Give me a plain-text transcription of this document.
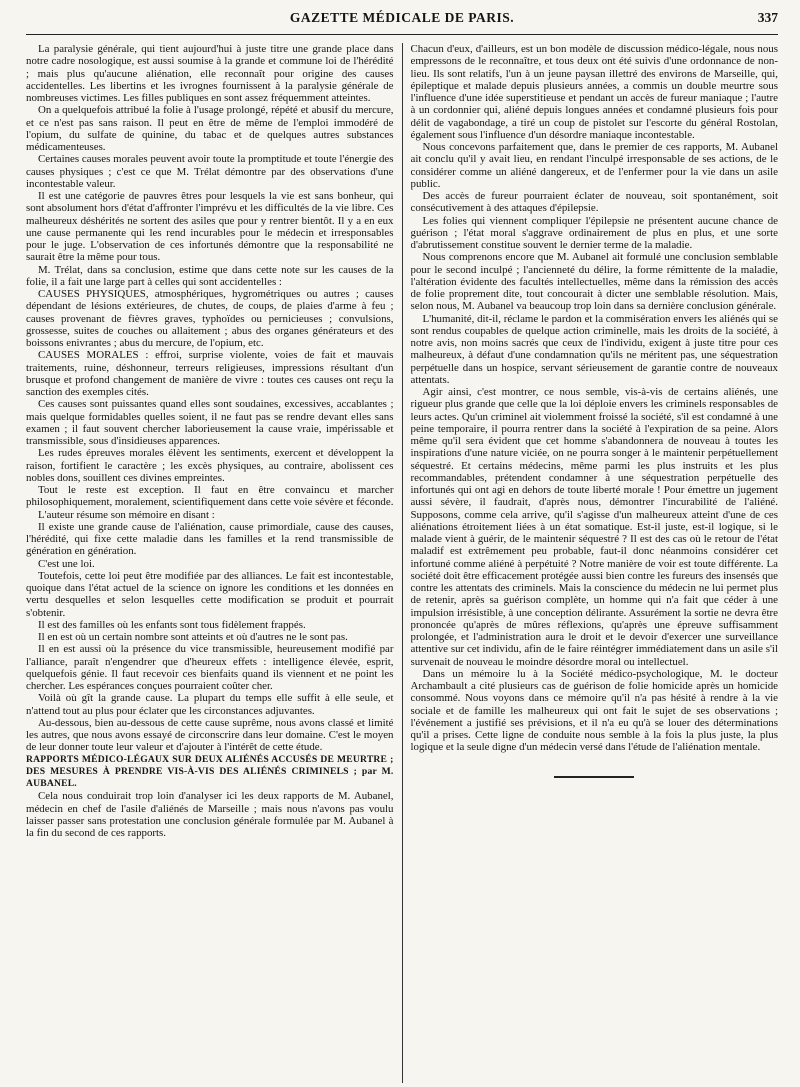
GAZETTE MÉDICALE DE PARIS.	337

La paralysie générale, qui tient aujourd'hui à juste titre une grande place dans notre cadre nosologique, est aussi soumise à la grande et commune loi de l'hérédité ; mais plus qu'aucune aliénation, elle reconnaît pour origine des causes accidentelles. Les libertins et les ivrognes fournissent à la paralysie générale de nombreuses victimes. Les filles publiques en sont assez fréquemment atteintes.

On a quelquefois attribué la folie à l'usage prolongé, répété et abusif du mercure, et ce n'est pas sans raison. Il peut en être de même de l'emploi immodéré de l'opium, du sulfate de quinine, du tabac et de quelques autres substances médicamenteuses.

Certaines causes morales peuvent avoir toute la promptitude et toute l'énergie des causes physiques ; c'est ce que M. Trélat démontre par des observations d'une incontestable valeur.

Il est une catégorie de pauvres êtres pour lesquels la vie est sans bonheur, qui sont absolument hors d'état d'affronter l'imprévu et les difficultés de la vie libre. Ces malheureux déshérités ne sortent des asiles que pour y rentrer bientôt. Il y a en eux une cause permanente qui les rend incurables pour le médecin et irresponsables pour le juge. L'observation de ces infortunés démontre que la responsabilité ne saurait être la même pour tous.

M. Trélat, dans sa conclusion, estime que dans cette note sur les causes de la folie, il a fait une large part à celles qui sont accidentelles :

CAUSES PHYSIQUES, atmosphériques, hygrométriques ou autres ; causes dépendant de lésions extérieures, de chutes, de coups, de plaies d'arme à feu ; causes provenant de fièvres graves, typhoïdes ou pernicieuses ; convulsions, grossesse, suites de couches ou allaitement ; abus des organes générateurs et des boissons enivrantes ; abus du mercure, de l'opium, etc.

CAUSES MORALES : effroi, surprise violente, voies de fait et mauvais traitements, ruine, déshonneur, terreurs religieuses, impressions résultant d'un brusque et profond changement de manière de vivre : toutes ces causes ont reçu la sanction des exemples cités.

Ces causes sont puissantes quand elles sont soudaines, excessives, accablantes ; mais quelque formidables quelles soient, il ne faut pas se rendre devant elles sans examen ; il faut souvent chercher laborieusement la cause vraie, impérissable et transmissible, sous d'insidieuses apparences.

Les rudes épreuves morales élèvent les sentiments, exercent et développent la raison, fortifient le caractère ; les excès physiques, au contraire, abolissent ces nobles dons, souillent ces divines empreintes.

Tout le reste est exception. Il faut en être convaincu et marcher philosophiquement, moralement, scientifiquement dans cette voie sévère et féconde.

L'auteur résume son mémoire en disant :

Il existe une grande cause de l'aliénation, cause primordiale, cause des causes, l'hérédité, qui fixe cette maladie dans les familles et la rend transmissible de génération en génération.

C'est une loi.

Toutefois, cette loi peut être modifiée par des alliances. Le fait est incontestable, quoique dans l'état actuel de la science on ignore les conditions et les données en vertu desquelles et selon lesquelles cette modification se produit et pourrait s'obtenir.

Il est des familles où les enfants sont tous fidèlement frappés.

Il en est où un certain nombre sont atteints et où d'autres ne le sont pas.

Il en est aussi où la présence du vice transmissible, heureusement modifié par l'alliance, paraît n'engendrer que d'heureux effets : intelligence élevée, esprit, quelquefois génie. Il faut recevoir ces bienfaits quand ils viennent et ne point les chercher. Les espérances conçues pourraient coûter cher.

Voilà où gît la grande cause. La plupart du temps elle suffit à elle seule, et n'attend tout au plus pour éclater que les circonstances adjuvantes.

Au-dessous, bien au-dessous de cette cause suprême, nous avons classé et limité les autres, que nous avons essayé de circonscrire dans leur domaine. C'est le moyen de leur donner toute leur valeur et d'ajouter à l'intérêt de cette étude.

RAPPORTS MÉDICO-LÉGAUX SUR DEUX ALIÉNÉS ACCUSÉS DE MEURTRE ; DES MESURES À PRENDRE VIS-À-VIS DES ALIÉNÉS CRIMINELS ; par M. AUBANEL.

Cela nous conduirait trop loin d'analyser ici les deux rapports de M. Aubanel, médecin en chef de l'asile d'aliénés de Marseille ; mais nous n'avons pas voulu laisser passer sans protestation une conclusion générale formulée par M. Aubanel à la fin du second de ces rapports.

Chacun d'eux, d'ailleurs, est un bon modèle de discussion médico-légale, nous nous empressons de le reconnaître, et tous deux ont été suivis d'une ordonnance de non-lieu. Ils sont relatifs, l'un à un jeune paysan illettré des environs de Marseille, qui, épileptique et malade depuis plusieurs années, a commis un double meurtre sous l'influence d'une idée superstitieuse et pendant un accès de fureur maniaque ; l'autre à un cordonnier qui, aliéné depuis longues années et condamné plusieurs fois pour délit de vagabondage, a tiré un coup de pistolet sur l'escorte du général Rostolan, également sous l'influence d'un désordre maniaque incontestable.

Nous concevons parfaitement que, dans le premier de ces rapports, M. Aubanel ait conclu qu'il y avait lieu, en rendant l'inculpé irresponsable de ses actions, de le considérer comme un aliéné dangereux, et de l'enfermer pour la vie dans un asile public.

Des accès de fureur pourraient éclater de nouveau, soit spontanément, soit consécutivement à des attaques d'épilepsie.

Les folies qui viennent compliquer l'épilepsie ne présentent aucune chance de guérison ; l'état moral s'aggrave ordinairement de plus en plus, et une sorte d'abrutissement constitue souvent le dernier terme de la maladie.

Nous comprenons encore que M. Aubanel ait formulé une conclusion semblable pour le second inculpé ; l'ancienneté du délire, la forme rémittente de la maladie, l'altération évidente des facultés intellectuelles, même dans la rémission des accès de folie proprement dite, tout concourait à dicter une semblable résolution. Mais, selon nous, M. Aubanel va beaucoup trop loin dans sa dernière conclusion générale.

L'humanité, dit-il, réclame le pardon et la commisération envers les aliénés qui se sont rendus coupables de quelque action criminelle, mais les droits de la société, à notre avis, non moins sacrés que ceux de l'individu, exigent à juste titre pour ces malheureux, à défaut d'une condamnation qu'ils ne méritent pas, une séquestration perpétuelle dans un hospice, servant sérieusement de garantie contre de nouveaux attentats.

Agir ainsi, c'est montrer, ce nous semble, vis-à-vis de certains aliénés, une rigueur plus grande que celle que la loi déploie envers les criminels responsables de leurs actes. Qu'un criminel ait violemment froissé la société, s'il est condamné à une peine temporaire, il pourra rentrer dans la société à l'expiration de sa peine. Alors même qu'il sera évident que cet homme s'abandonnera de nouveau à toutes les inspirations d'une nature viciée, on ne pourra songer à le maintenir perpétuellement séquestré. Et certains médecins, même parmi les plus instruits et les plus recommandables, prétendent condamner à une séquestration perpétuelle des infortunés qui ont agi en dehors de toute liberté morale ! Pour émettre un jugement aussi sévère, il faudrait, d'après nous, démontrer l'incurabilité de l'aliéné. Supposons, comme cela arrive, qu'il s'agisse d'un malheureux atteint d'une de ces aliénations étroitement liées à un état somatique. Est-il juste, est-il logique, si le malade vient à guérir, de le maintenir séquestré ? Il est des cas où le retour de l'état maladif est extrêmement peu probable, faut-il donc néanmoins considérer cet infortuné comme aliéné à perpétuité ? Notre manière de voir est toute différente. La société doit être efficacement protégée aussi bien contre les fureurs des insensés que contre les attentats des criminels. Mais la conscience du médecin ne lui permet plus de retenir, après sa guérison complète, un homme qui n'a fait que céder à une impulsion irrésistible, à une conception délirante. Assurément la sortie ne devra être prononcée qu'après de mûres réflexions, qu'après une épreuve suffisamment prolongée, et l'administration aura le droit et le devoir d'exercer une surveillance attentive sur cet individu, afin de le faire réintégrer immédiatement dans un asile s'il survenait de nouveau le moindre désordre moral ou intellectuel.

Dans un mémoire lu à la Société médico-psychologique, M. le docteur Archambault a cité plusieurs cas de guérison de folie homicide après un homicide consommé. Nous voyons dans ce mémoire qu'il n'a pas hésité à rendre à la vie sociale et de famille les malheureux qui ont fait le sujet de ses observations ; l'événement a justifié ses prévisions, et il n'a eu qu'à se louer des déterminations qu'il a prises. Cette ligne de conduite nous semble à la fois la plus juste, la plus logique et la seule digne d'un médecin versé dans l'étude de l'aliénation mentale.
